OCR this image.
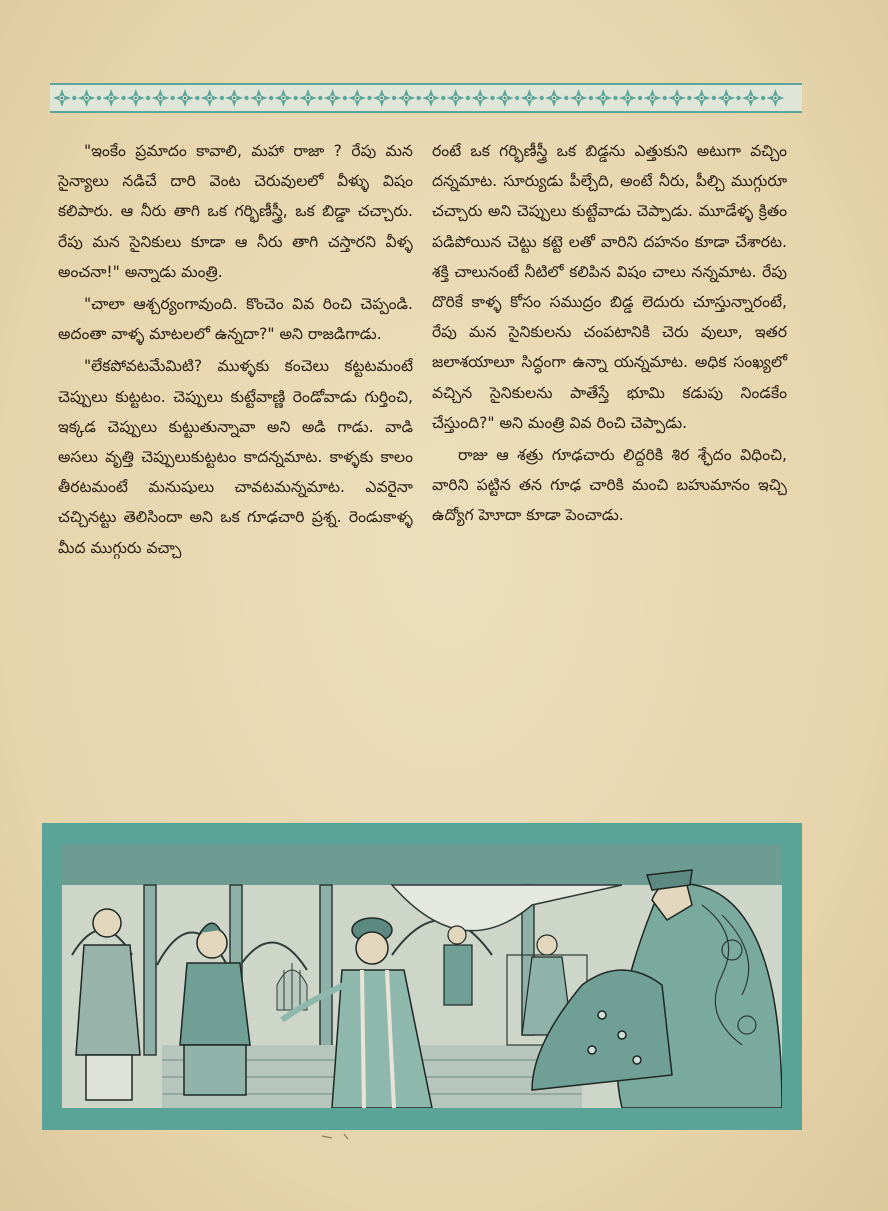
"ఇంకేం ప్రమాదం కావాలి, మహా రాజా ? రేపు మన సైన్యాలు నడిచే దారి వెంట చెరువులలో వీళ్ళు విషం కలిపారు. ఆ నీరు తాగి ఒక గర్భిణీస్త్రీ, ఒక బిడ్డా చచ్చారు. రేపు మన సైనికులు కూడా ఆ నీరు తాగి చస్తారని వీళ్ళ అంచనా!" అన్నాడు మంత్రి.

"చాలా ఆశ్చర్యంగావుంది. కొంచెం వివ రించి చెప్పండి. అదంతా వాళ్ళ మాటలలో ఉన్నదా?" అని రాజడిగాడు.

"లేకపోవటమేమిటి? ముళ్ళకు కంచెలు కట్టటమంటే చెప్పులు కుట్టటం. చెప్పులు కుట్టేవాణ్ణి రెండోవాడు గుర్తించి, ఇక్కడ చెప్పులు కుట్టుతున్నావా అని అడి గాడు. వాడి అసలు వృత్తి చెప్పులుకుట్టటం కాదన్నమాట. కాళ్ళకు కాలం తీరటమంటే మనుషులు చావటమన్నమాట. ఎవరైనా చచ్చినట్టు తెలిసిందా అని ఒక గూఢచారి ప్రశ్న. రెండుకాళ్ళ మీద ముగ్గురు వచ్చా

రంటే ఒక గర్భిణీస్త్రీ ఒక బిడ్డను ఎత్తుకుని అటుగా వచ్చిం దన్నమాట. సూర్యుడు పీల్చేది, అంటే నీరు, పీల్చి ముగ్గురూ చచ్చారు అని చెప్పులు కుట్టేవాడు చెప్పాడు. మూడేళ్ళ క్రితం పడిపోయిన చెట్టు కట్టె లతో వారిని దహనం కూడా చేశారట. శక్తి చాలునంటే నీటిలో కలిపిన విషం చాలు నన్నమాట. రేపు దొరికే కాళ్ళ కోసం సముద్రం బిడ్డ లెదురు చూస్తున్నారంటే, రేపు మన సైనికులను చంపటానికి చెరు వులూ, ఇతర జలాశయాలూ సిద్ధంగా ఉన్నా యన్నమాట. అధిక సంఖ్యలో వచ్చిన సైనికులను పాతేస్తే భూమి కడుపు నిండకేం చేస్తుంది?" అని మంత్రి వివ రించి చెప్పాడు.

రాజు ఆ శత్రు గూఢచారు లిద్దరికి శిర శ్ఛేదం విధించి, వారిని పట్టిన తన గూఢ చారికి మంచి బహుమానం ఇచ్చి ఉద్యోగ హెూదా కూడా పెంచాడు.
